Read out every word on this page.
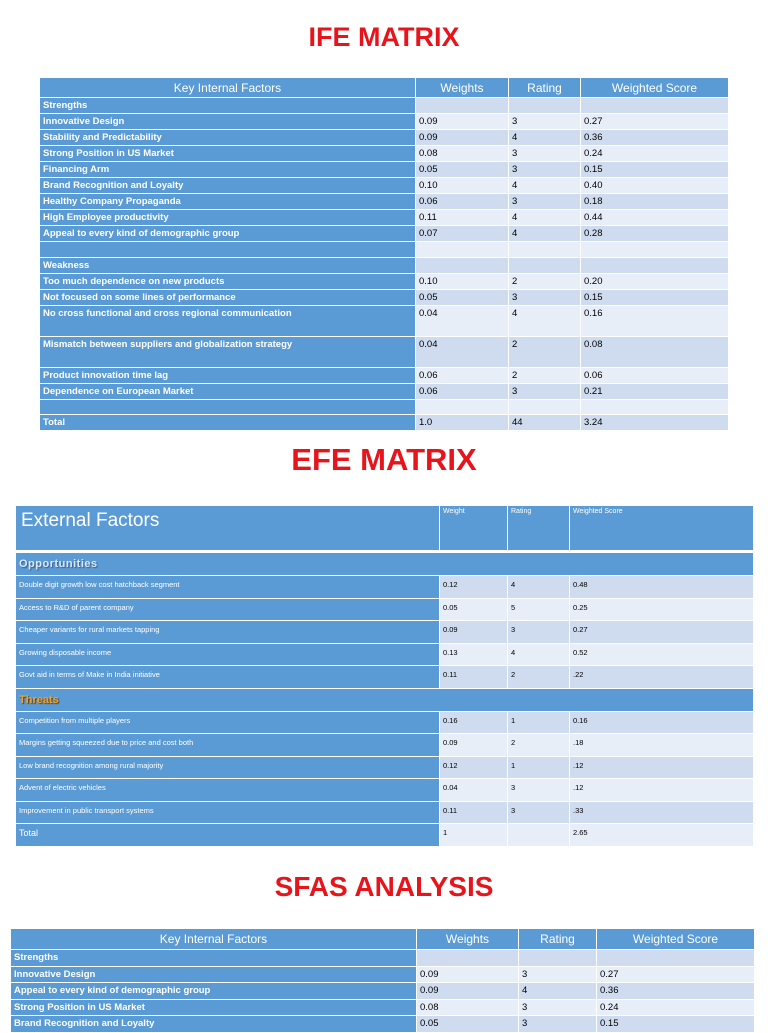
IFE MATRIX
Key Internal Factors	Weights	Rating	Weighted Score
Strengths			
Innovative Design	0.09	3	0.27
Stability and Predictability	0.09	4	0.36
Strong Position in US Market	0.08	3	0.24
Financing Arm	0.05	3	0.15
Brand Recognition and Loyalty	0.10	4	0.40
Healthy Company Propaganda	0.06	3	0.18
High Employee productivity	0.11	4	0.44
Appeal to every kind of demographic group	0.07	4	0.28

Weakness			
Too much dependence on new products	0.10	2	0.20
Not focused on some lines of performance	0.05	3	0.15
No cross functional and cross regional communication	0.04	4	0.16
Mismatch between suppliers and globalization strategy	0.04	2	0.08
Product innovation time lag	0.06	2	0.06
Dependence on European Market	0.06	3	0.21

Total	1.0	44	3.24
EFE MATRIX
External Factors	Weight	Rating	Weighted Score

Opportunities			
Double digit growth low cost hatchback segment	0.12	4	0.48
Access to R&D of parent company	0.05	5	0.25
Cheaper variants for rural markets tapping	0.09	3	0.27
Growing disposable income	0.13	4	0.52
Govt aid in terms of Make in India initiative	0.11	2	.22
Threats			
Competition from multiple players	0.16	1	0.16
Margins getting squeezed due to price and cost both	0.09	2	.18
Low brand recognition among rural majority	0.12	1	.12
Advent of electric vehicles	0.04	3	.12
Improvement in public transport systems	0.11	3	.33
Total	1		2.65
SFAS ANALYSIS
Key Internal Factors	Weights	Rating	Weighted Score
Strengths			
Innovative Design	0.09	3	0.27
Appeal to every kind of demographic group	0.09	4	0.36
Strong Position in US Market	0.08	3	0.24
Brand Recognition and Loyalty	0.05	3	0.15
